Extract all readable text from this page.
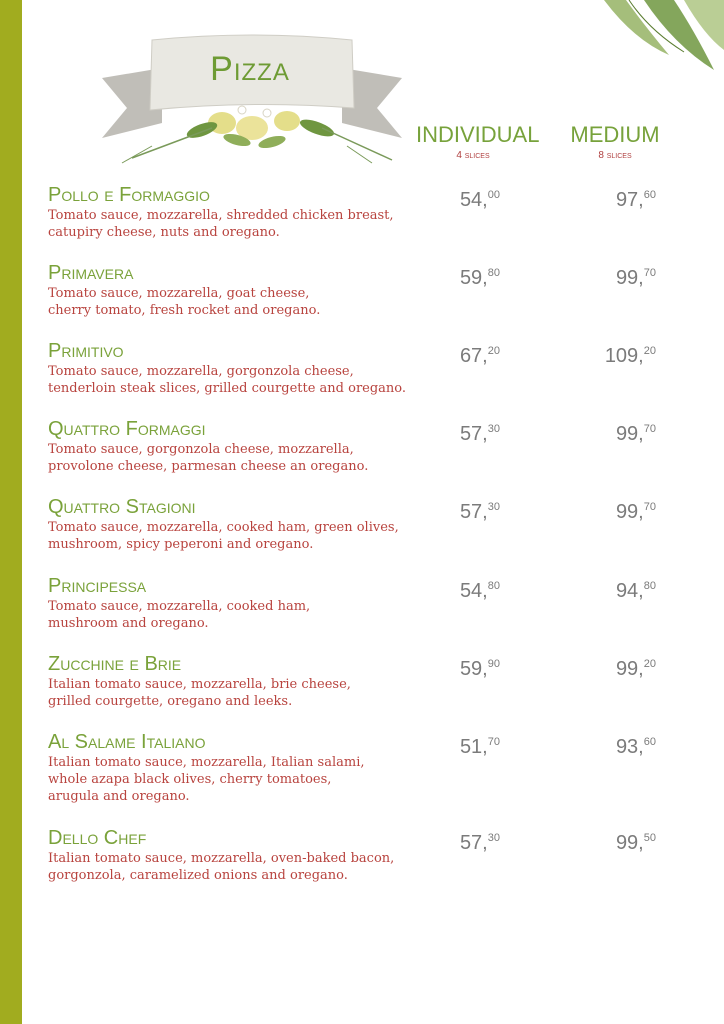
Pizza
INDIVIDUAL
4 slices
MEDIUM
8 slices
Pollo e Formaggio

Tomato sauce, mozzarella, shredded chicken breast,
catupiry cheese, nuts and oregano.

54,00	97,60
Primavera

Tomato sauce, mozzarella, goat cheese,
cherry tomato, fresh rocket and oregano.

59,80	99,70
Primitivo

Tomato sauce, mozzarella, gorgonzola cheese,
tenderloin steak slices, grilled courgette and oregano.

67,20	109,20
Quattro Formaggi

Tomato sauce, gorgonzola cheese, mozzarella,
provolone cheese, parmesan cheese an oregano.

57,30	99,70
Quattro Stagioni

Tomato sauce, mozzarella, cooked ham, green olives,
mushroom, spicy peperoni and oregano.

57,30	99,70
Principessa

Tomato sauce, mozzarella, cooked ham,
mushroom and oregano.

54,80	94,80
Zucchine e Brie

Italian tomato sauce, mozzarella, brie cheese,
grilled courgette, oregano and leeks.

59,90	99,20
Al Salame Italiano

Italian tomato sauce, mozzarella, Italian salami,
whole azapa black olives, cherry tomatoes,
arugula and oregano.

51,70	93,60
Dello Chef

Italian tomato sauce, mozzarella, oven-baked bacon,
gorgonzola, caramelized onions and oregano.

57,30	99,50
